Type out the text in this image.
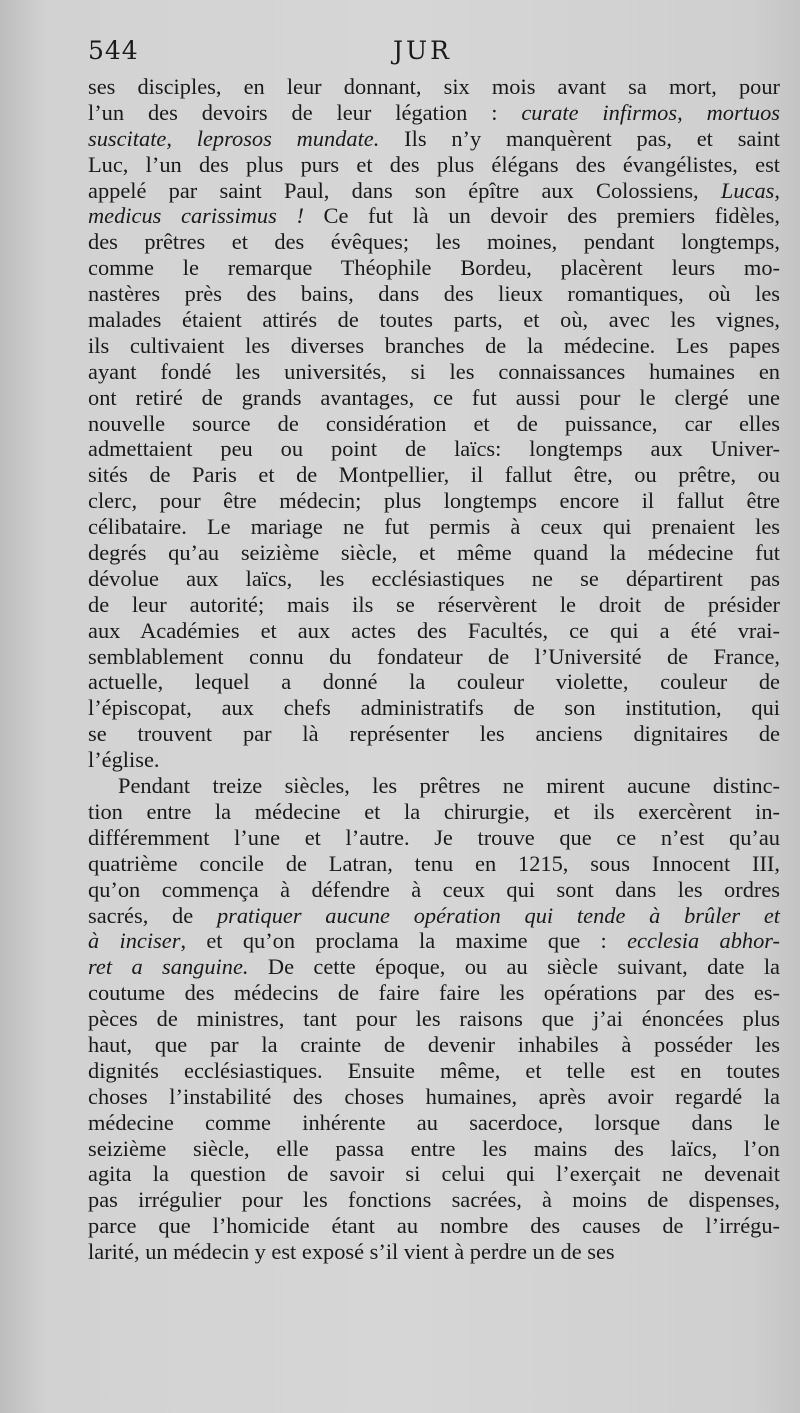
544	JUR
ses disciples, en leur donnant, six mois avant sa mort, pour
l’un des devoirs de leur légation : curate infirmos, mortuos
suscitate, leprosos mundate. Ils n’y manquèrent pas, et saint
Luc, l’un des plus purs et des plus élégans des évangélistes, est
appelé par saint Paul, dans son épître aux Colossiens, Lucas,
medicus carissimus ! Ce fut là un devoir des premiers fidèles,
des prêtres et des évêques; les moines, pendant longtemps,
comme le remarque Théophile Bordeu, placèrent leurs mo-
nastères près des bains, dans des lieux romantiques, où les
malades étaient attirés de toutes parts, et où, avec les vignes,
ils cultivaient les diverses branches de la médecine. Les papes
ayant fondé les universités, si les connaissances humaines en
ont retiré de grands avantages, ce fut aussi pour le clergé une
nouvelle source de considération et de puissance, car elles
admettaient peu ou point de laïcs: longtemps aux Univer-
sités de Paris et de Montpellier, il fallut être, ou prêtre, ou
clerc, pour être médecin; plus longtemps encore il fallut être
célibataire. Le mariage ne fut permis à ceux qui prenaient les
degrés qu’au seizième siècle, et même quand la médecine fut
dévolue aux laïcs, les ecclésiastiques ne se départirent pas
de leur autorité; mais ils se réservèrent le droit de présider
aux Académies et aux actes des Facultés, ce qui a été vrai-
semblablement connu du fondateur de l’Université de France,
actuelle, lequel a donné la couleur violette, couleur de
l’épiscopat, aux chefs administratifs de son institution, qui
se trouvent par là représenter les anciens dignitaires de
l’église.
Pendant treize siècles, les prêtres ne mirent aucune distinc-
tion entre la médecine et la chirurgie, et ils exercèrent in-
différemment l’une et l’autre. Je trouve que ce n’est qu’au
quatrième concile de Latran, tenu en 1215, sous Innocent III,
qu’on commença à défendre à ceux qui sont dans les ordres
sacrés, de pratiquer aucune opération qui tende à brûler et
à inciser, et qu’on proclama la maxime que : ecclesia abhor-
ret a sanguine. De cette époque, ou au siècle suivant, date la
coutume des médecins de faire faire les opérations par des es-
pèces de ministres, tant pour les raisons que j’ai énoncées plus
haut, que par la crainte de devenir inhabiles à posséder les
dignités ecclésiastiques. Ensuite même, et telle est en toutes
choses l’instabilité des choses humaines, après avoir regardé la
médecine comme inhérente au sacerdoce, lorsque dans le
seizième siècle, elle passa entre les mains des laïcs, l’on
agita la question de savoir si celui qui l’exerçait ne devenait
pas irrégulier pour les fonctions sacrées, à moins de dispenses,
parce que l’homicide étant au nombre des causes de l’irrégu-
larité, un médecin y est exposé s’il vient à perdre un de ses
